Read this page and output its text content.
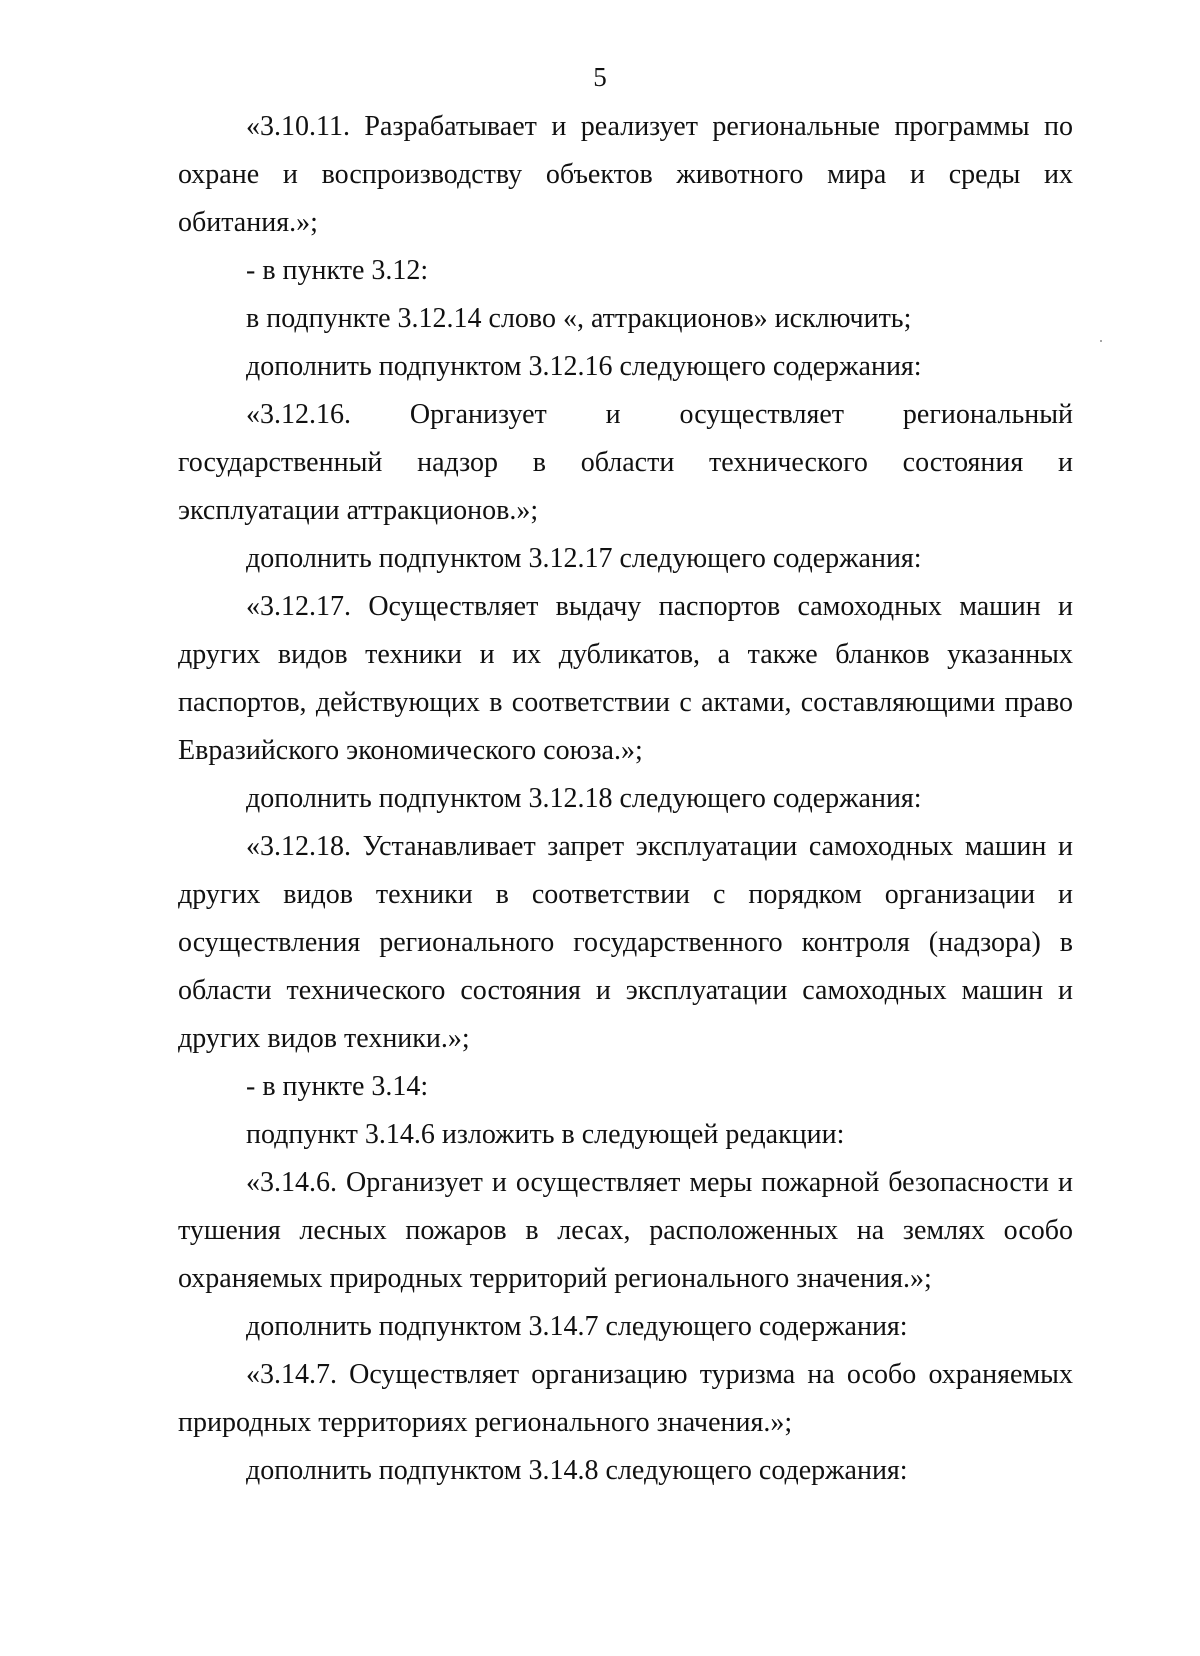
5

«3.10.11. Разрабатывает и реализует региональные программы по охране и воспроизводству объектов животного мира и среды их обитания.»;

- в пункте 3.12:

в подпункте 3.12.14 слово «, аттракционов» исключить;

дополнить подпунктом 3.12.16 следующего содержания:

«3.12.16. Организует и осуществляет региональный государственный надзор в области технического состояния и эксплуатации аттракционов.»;

дополнить подпунктом 3.12.17 следующего содержания:

«3.12.17. Осуществляет выдачу паспортов самоходных машин и других видов техники и их дубликатов, а также бланков указанных паспортов, действующих в соответствии с актами, составляющими право Евразийского экономического союза.»;

дополнить подпунктом 3.12.18 следующего содержания:

«3.12.18. Устанавливает запрет эксплуатации самоходных машин и других видов техники в соответствии с порядком организации и осуществления регионального государственного контроля (надзора) в области технического состояния и эксплуатации самоходных машин и других видов техники.»;

- в пункте 3.14:

подпункт 3.14.6 изложить в следующей редакции:

«3.14.6. Организует и осуществляет меры пожарной безопасности и тушения лесных пожаров в лесах, расположенных на землях особо охраняемых природных территорий регионального значения.»;

дополнить подпунктом 3.14.7 следующего содержания:

«3.14.7. Осуществляет организацию туризма на особо охраняемых природных территориях регионального значения.»;

дополнить подпунктом 3.14.8 следующего содержания:
